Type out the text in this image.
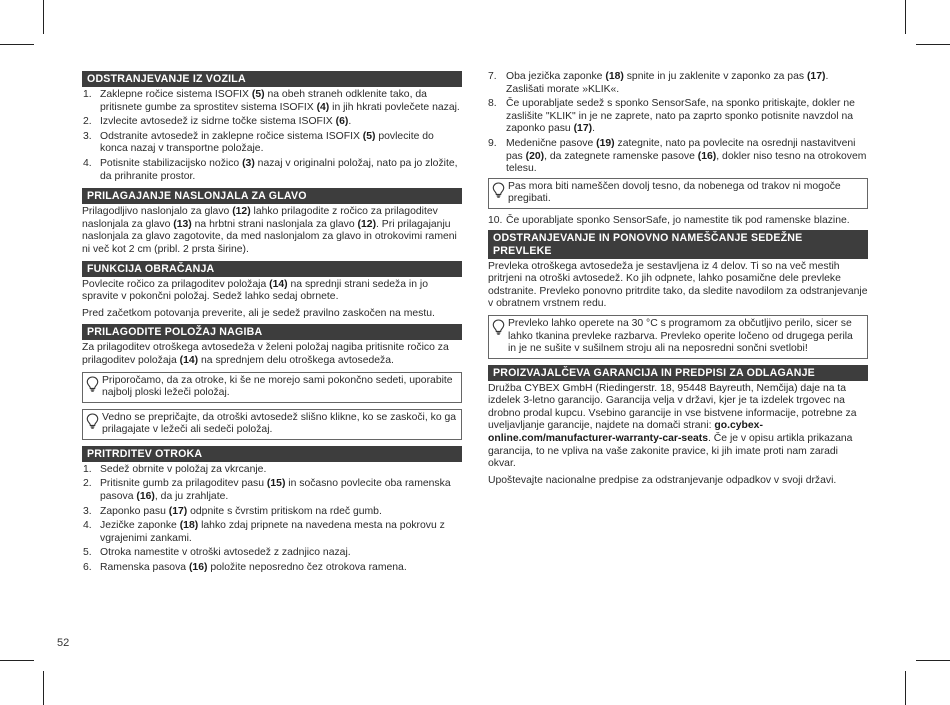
ODSTRANJEVANJE IZ VOZILA
1. Zaklepne ročice sistema ISOFIX (5) na obeh straneh odklenite tako, da pritisnete gumbe za sprostitev sistema ISOFIX (4) in jih hkrati povlečete nazaj.
2. Izvlecite avtosedež iz sidrne točke sistema ISOFIX (6).
3. Odstranite avtosedež in zaklepne ročice sistema ISOFIX (5) povlecite do konca nazaj v transportne položaje.
4. Potisnite stabilizacijsko nožico (3) nazaj v originalni položaj, nato pa jo zložite, da prihranite prostor.
PRILAGAJANJE NASLONJALA ZA GLAVO

Prilagodljivo naslonjalo za glavo (12) lahko prilagodite z ročico za prilagoditev naslonjala za glavo (13) na hrbtni strani naslonjala za glavo (12). Pri prilagajanju naslonjala za glavo zagotovite, da med naslonjalom za glavo in otrokovimi rameni ni več kot 2 cm (pribl. 2 prsta širine).

FUNKCIJA OBRAČANJA

Povlecite ročico za prilagoditev položaja (14) na sprednji strani sedeža in jo spravite v pokončni položaj. Sedež lahko sedaj obrnete.

Pred začetkom potovanja preverite, ali je sedež pravilno zaskočen na mestu.

PRILAGODITE POLOŽAJ NAGIBA

Za prilagoditev otroškega avtosedeža v želeni položaj nagiba pritisnite ročico za prilagoditev položaja (14) na sprednjem delu otroškega avtosedeža.

Priporočamo, da za otroke, ki še ne morejo sami pokončno sedeti, uporabite najbolj ploski ležeči položaj.
Vedno se prepričajte, da otroški avtosedež slišno klikne, ko se zaskoči, ko ga prilagajate v ležeči ali sedeči položaj.
PRITRDITEV OTROKA
1. Sedež obrnite v položaj za vkrcanje.
2. Pritisnite gumb za prilagoditev pasu (15) in sočasno povlecite oba ramenska pasova (16), da ju zrahljate.
3. Zaponko pasu (17) odpnite s čvrstim pritiskom na rdeč gumb.
4. Jezičke zaponke (18) lahko zdaj pripnete na navedena mesta na pokrovu z vgrajenimi zankami.
5. Otroka namestite v otroški avtosedež z zadnjico nazaj.
6. Ramenska pasova (16) položite neposredno čez otrokova ramena.
7. Oba jezička zaponke (18) spnite in ju zaklenite v zaponko za pas (17). Zaslišati morate »KLIK«.
8. Če uporabljate sedež s sponko SensorSafe, na sponko pritiskajte, dokler ne zaslišite "KLIK" in je ne zaprete, nato pa zaprto sponko potisnite navzdol na zaponko pasu (17).
9. Medenične pasove (19) zategnite, nato pa povlecite na osrednji nastavitveni pas (20), da zategnete ramenske pasove (16), dokler niso tesno na otrokovem telesu.
Pas mora biti nameščen dovolj tesno, da nobenega od trakov ni mogoče pregibati.
10. Če uporabljate sponko SensorSafe, jo namestite tik pod ramenske blazine.
ODSTRANJEVANJE IN PONOVNO NAMEŠČANJE SEDEŽNE PREVLEKE

Prevleka otroškega avtosedeža je sestavljena iz 4 delov. Ti so na več mestih pritrjeni na otroški avtosedež. Ko jih odpnete, lahko posamične dele prevleke odstranite. Prevleko ponovno pritrdite tako, da sledite navodilom za odstranjevanje v obratnem vrstnem redu.

Prevleko lahko operete na 30 °C s programom za občutljivo perilo, sicer se lahko tkanina prevleke razbarva. Prevleko operite ločeno od drugega perila in je ne sušite v sušilnem stroju ali na neposredni sončni svetlobi!
PROIZVAJALČEVA GARANCIJA IN PREDPISI ZA ODLAGANJE

Družba CYBEX GmbH (Riedingerstr. 18, 95448 Bayreuth, Nemčija) daje na ta izdelek 3-letno garancijo. Garancija velja v državi, kjer je ta izdelek trgovec na drobno prodal kupcu. Vsebino garancije in vse bistvene informacije, potrebne za uveljavljanje garancije, najdete na domači strani: go.cybex-online.com/manufacturer-warranty-car-seats. Če je v opisu artikla prikazana garancija, to ne vpliva na vaše zakonite pravice, ki jih imate proti nam zaradi okvar.

Upoštevajte nacionalne predpise za odstranjevanje odpadkov v svoji državi.

52
